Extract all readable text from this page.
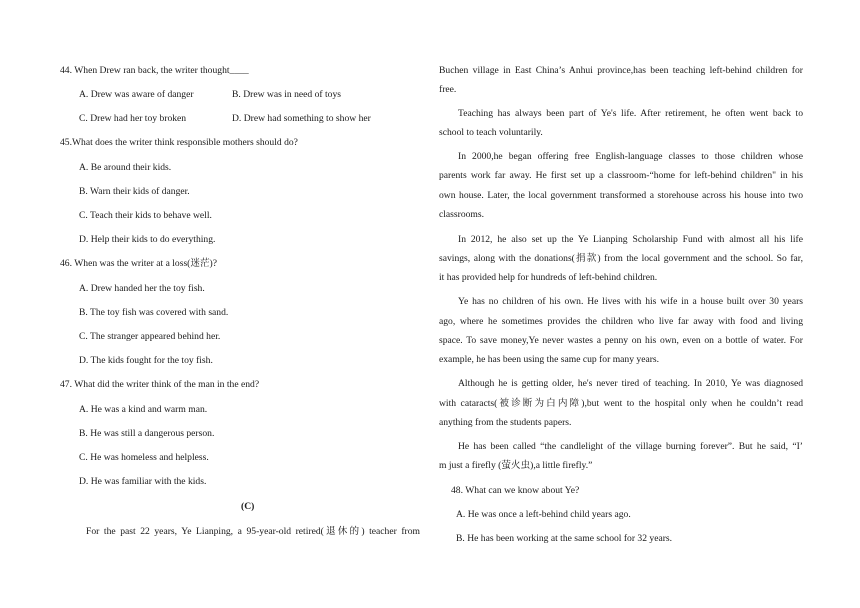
44. When Drew ran back, the writer thought____
A. Drew was aware of danger	B. Drew was in need of toys
C. Drew had her toy broken	D. Drew had something to show her
45.What does the writer think responsible mothers should do?
A. Be around their kids.
B. Warn their kids of danger.
C. Teach their kids to behave well.
D. Help their kids to do everything.
46. When was the writer at a loss(迷茫)?
A. Drew handed her the toy fish.
B. The toy fish was covered with sand.
C. The stranger appeared behind her.
D. The kids fought for the toy fish.
47. What did the writer think of the man in the end?
A. He was a kind and warm man.
B. He was still a dangerous person.
C. He was homeless and helpless.
D. He was familiar with the kids.
(C)
For the past 22 years, Ye Lianping, a 95-year-old retired(退休的) teacher from
Buchen village in East China’s Anhui province,has been teaching left-behind children for
free.
Teaching has always been part of Ye's life. After retirement, he often went back to
school to teach voluntarily.
In 2000,he began offering free English-language classes to those children whose
parents work far away. He first set up a classroom-“home for left-behind children" in his
own house. Later, the local government transformed a storehouse across his house into two
classrooms.
In 2012, he also set up the Ye Lianping Scholarship Fund with almost all his life
savings, along with the donations(捐款) from the local government and the school. So far,
it has provided help for hundreds of left-behind children.
Ye has no children of his own. He lives with his wife in a house built over 30 years
ago, where he sometimes provides the children who live far away with food and living
space. To save money,Ye never wastes a penny on his own, even on a bottle of water. For
example, he has been using the same cup for many years.
Although he is getting older, he's never tired of teaching. In 2010, Ye was diagnosed
with cataracts(被诊断为白内障),but went to the hospital only when he couldn’t read
anything from the students papers.
He has been called “the candlelight of the village burning forever”. But he said, “I’
m just a firefly (萤火虫),a little firefly.”
48. What can we know about Ye?
A. He was once a left-behind child years ago.
B. He has been working at the same school for 32 years.
